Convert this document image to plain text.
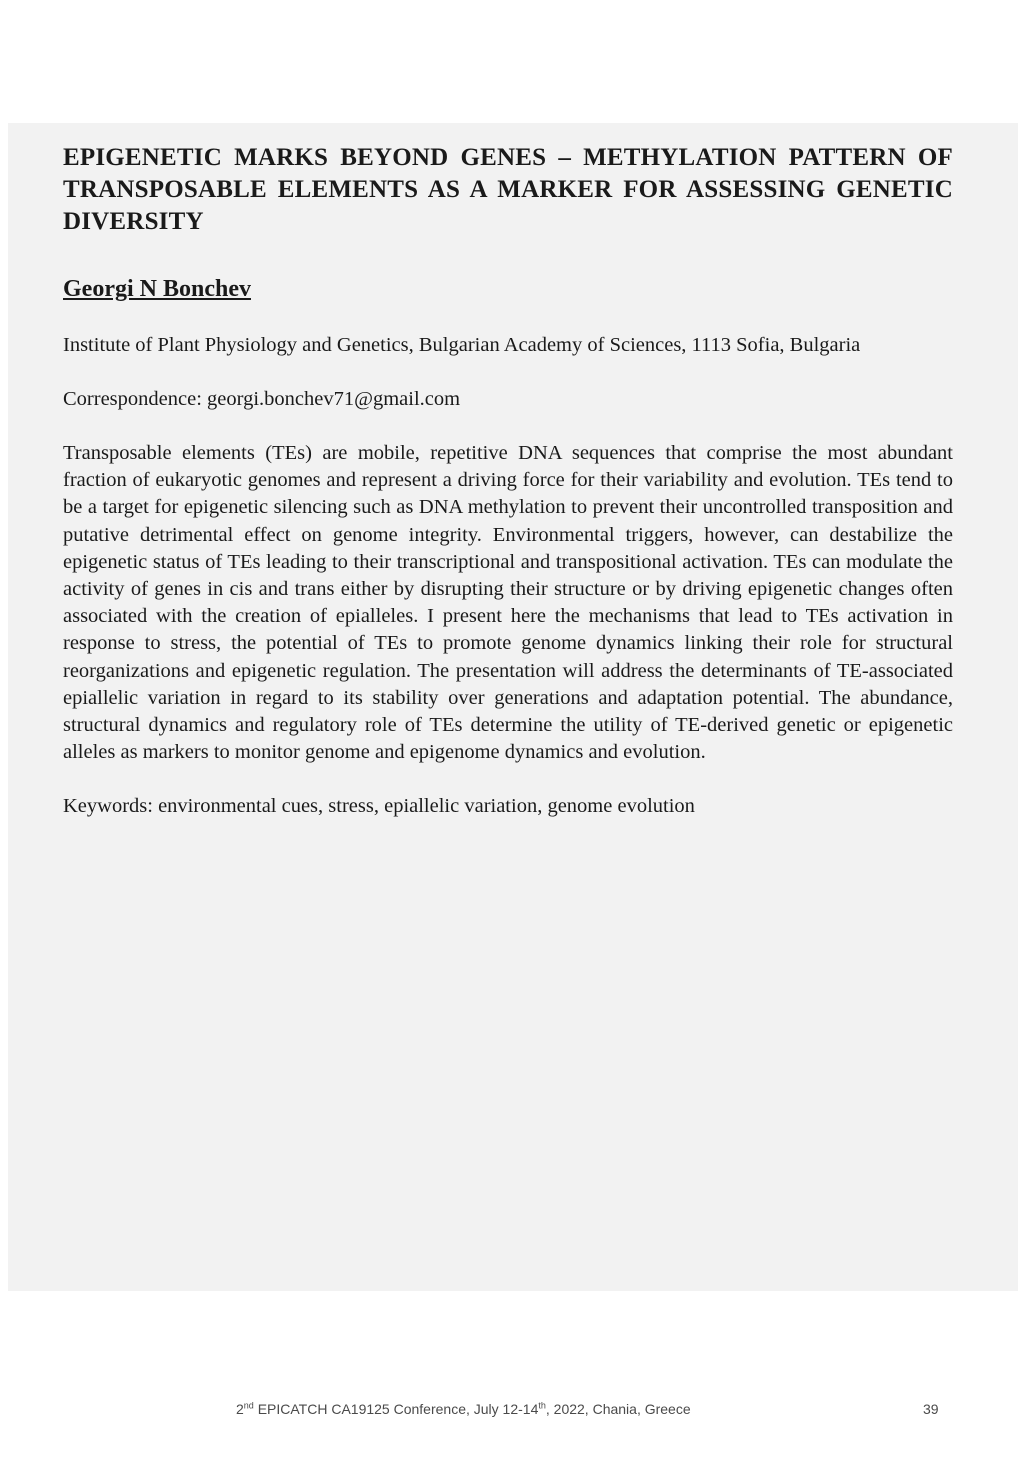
EPIGENETIC MARKS BEYOND GENES – METHYLATION PATTERN OF TRANSPOSABLE ELEMENTS AS A MARKER FOR ASSESSING GENETIC DIVERSITY

Georgi N Bonchev

Institute of Plant Physiology and Genetics, Bulgarian Academy of Sciences, 1113 Sofia, Bulgaria

Correspondence: georgi.bonchev71@gmail.com

Transposable elements (TEs) are mobile, repetitive DNA sequences that comprise the most abundant fraction of eukaryotic genomes and represent a driving force for their variability and evolution. TEs tend to be a target for epigenetic silencing such as DNA methylation to prevent their uncontrolled transposition and putative detrimental effect on genome integrity. Environmental triggers, however, can destabilize the epigenetic status of TEs leading to their transcriptional and transpositional activation. TEs can modulate the activity of genes in cis and trans either by disrupting their structure or by driving epigenetic changes often associated with the creation of epialleles. I present here the mechanisms that lead to TEs activation in response to stress, the potential of TEs to promote genome dynamics linking their role for structural reorganizations and epigenetic regulation. The presentation will address the determinants of TE-associated epiallelic variation in regard to its stability over generations and adaptation potential. The abundance, structural dynamics and regulatory role of TEs determine the utility of TE-derived genetic or epigenetic alleles as markers to monitor genome and epigenome dynamics and evolution.

Keywords: environmental cues, stress, epiallelic variation, genome evolution

2nd EPICATCH CA19125 Conference, July 12-14th, 2022, Chania, Greece	39
